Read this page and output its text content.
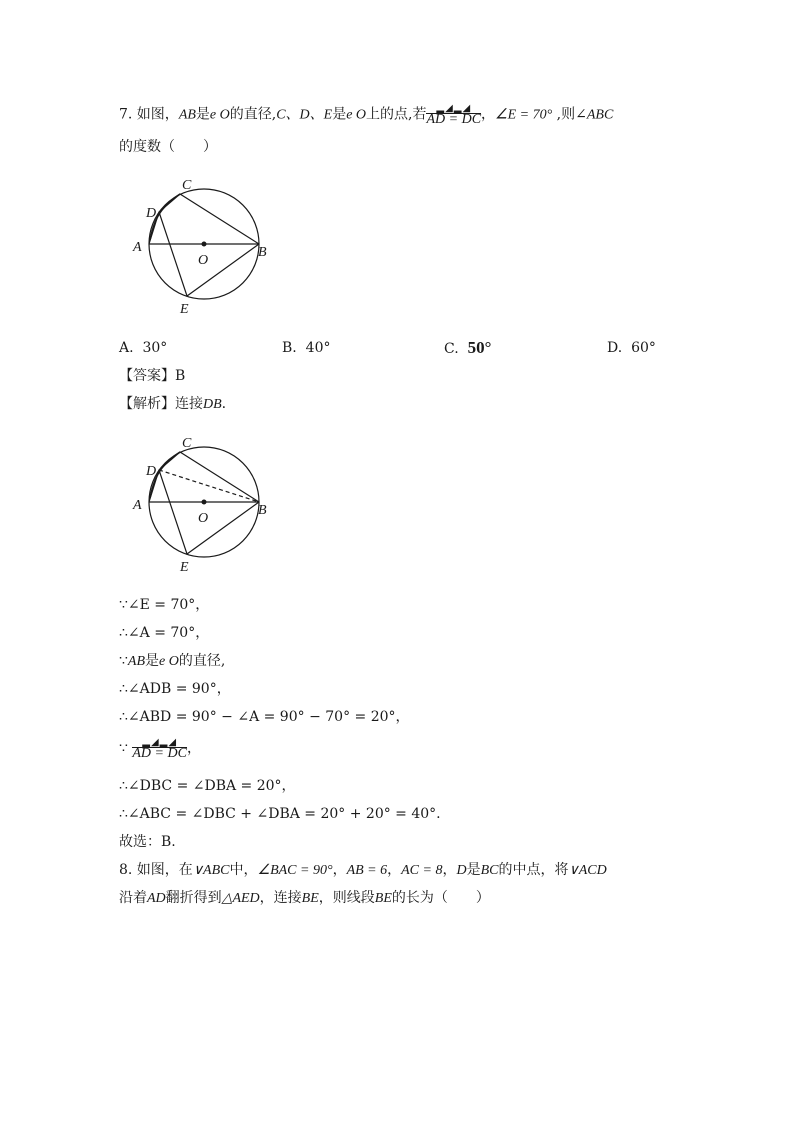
7. 如图，AB是e O的直径,C、D、E是e O上的点,若 $\frac{▂◢▂◢}{AD = DC}$ ，∠E = 70° ,则∠ABC
的度数（　　）
C
D
A
O
B
E
A. 30°	B. 40°	C. 50°	D. 60°
【答案】B
【解析】连接DB.
C
D
A
O
B
E
∵∠E = 70°，
∴∠A = 70°，
∵AB是e O的直径,
∴∠ADB = 90°，
∴∠ABD = 90° − ∠A = 90° − 70° = 20°，
∵ $\frac{▂◢▂◢}{AD = DC}$ ，
∴∠DBC = ∠DBA = 20°，
∴∠ABC = ∠DBC + ∠DBA = 20° + 20° = 40°.
故选：B.
8. 如图，在∨ABC中，∠BAC = 90°，AB = 6，AC = 8，D是BC的中点，将∨ACD
沿着AD翻折得到△AED，连接BE，则线段BE的长为（　　）
